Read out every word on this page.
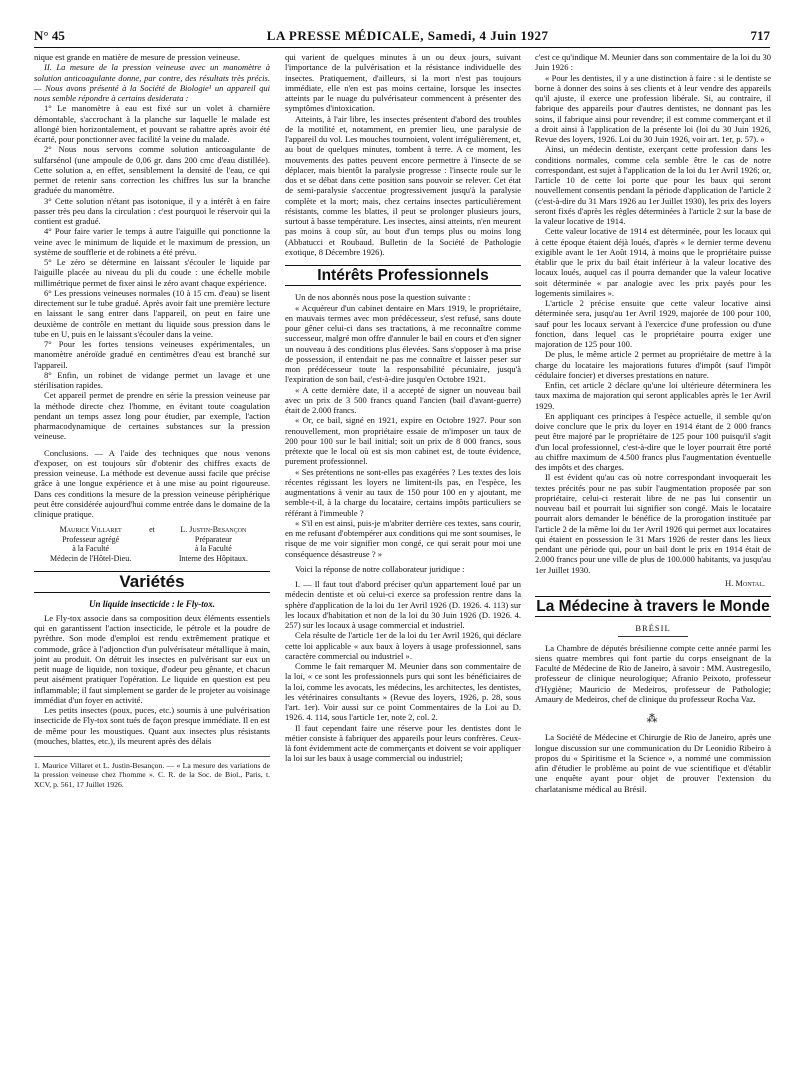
N° 45	LA PRESSE MÉDICALE, Samedi, 4 Juin 1927	717

nique est grande en matière de mesure de pression veineuse.

II. La mesure de la pression veineuse avec un manomètre à solution anticoagulante donne, par contre, des résultats très précis. — Nous avons présenté à la Société de Biologie¹ un appareil qui nous semble répondre à certains desiderata :

1° Le manomètre à eau est fixé sur un volet à charnière démontable, s'accrochant à la planche sur laquelle le malade est allongé bien horizontalement, et pouvant se rabattre après avoir été écarté, pour ponctionner avec facilité la veine du malade.

2° Nous nous servons comme solution anticoagulante de sulfarsénol (une ampoule de 0,06 gr. dans 200 cmc d'eau distillée). Cette solution a, en effet, sensiblement la densité de l'eau, ce qui permet de retenir sans correction les chiffres lus sur la branche graduée du manomètre.

3° Cette solution n'étant pas isotonique, il y a intérêt à en faire passer très peu dans la circulation : c'est pourquoi le réservoir qui la contient est gradué.

4° Pour faire varier le temps à autre l'aiguille qui ponctionne la veine avec le minimum de liquide et le maximum de pression, un système de soufflerie et de robinets a été prévu.

5° Le zéro se détermine en laissant s'écouler le liquide par l'aiguille placée au niveau du pli du coude : une échelle mobile millimétrique permet de fixer ainsi le zéro avant chaque expérience.

6° Les pressions veineuses normales (10 à 15 cm. d'eau) se lisent directement sur le tube gradué. Après avoir fait une première lecture en laissant le sang entrer dans l'appareil, on peut en faire une deuxième de contrôle en mettant du liquide sous pression dans le tube en U, puis en le laissant s'écouler dans la veine.

7° Pour les fortes tensions veineuses expérimentales, un manomètre anéroïde gradué en centimètres d'eau est branché sur l'appareil.

8° Enfin, un robinet de vidange permet un lavage et une stérilisation rapides.

Cet appareil permet de prendre en série la pression veineuse par la méthode directe chez l'homme, en évitant toute coagulation pendant un temps assez long pour étudier, par exemple, l'action pharmacodynamique de certaines substances sur la pression veineuse.

Conclusions. — A l'aide des techniques que nous venons d'exposer, on est toujours sûr d'obtenir des chiffres exacts de pression veineuse. La méthode est devenue aussi facile que précise grâce à une longue expérience et à une mise au point rigoureuse. Dans ces conditions la mesure de la pression veineuse périphérique peut être considérée aujourd'hui comme entrée dans le domaine de la clinique pratique.

Maurice Villaret
Professeur agrégé
à la Faculté
Médecin de l'Hôtel-Dieu.
et	L. Justin-Besançon
Préparateur
à la Faculté
Interne des Hôpitaux.
Variétés
Un liquide insecticide : le Fly-tox.

Le Fly-tox associe dans sa composition deux éléments essentiels qui en garantissent l'action insecticide, le pétrole et la poudre de pyrèthre. Son mode d'emploi est rendu extrêmement pratique et commode, grâce à l'adjonction d'un pulvérisateur métallique à main, joint au produit. On détruit les insectes en pulvérisant sur eux un petit nuage de liquide, non toxique, d'odeur peu gênante, et chacun peut aisément pratiquer l'opération. Le liquide en question est peu inflammable; il faut simplement se garder de le projeter au voisinage immédiat d'un foyer en activité.

Les petits insectes (poux, puces, etc.) soumis à une pulvérisation insecticide de Fly-tox sont tués de façon presque immédiate. Il en est de même pour les moustiques. Quant aux insectes plus résistants (mouches, blattes, etc.), ils meurent après des délais

1. Maurice Villaret et L. Justin-Besançon. — « La mesure des variations de la pression veineuse chez l'homme ». C. R. de la Soc. de Biol., Paris, t. XCV, p. 561, 17 Juillet 1926.

qui varient de quelques minutes à un ou deux jours, suivant l'importance de la pulvérisation et la résistance individuelle des insectes. Pratiquement, d'ailleurs, si la mort n'est pas toujours immédiate, elle n'en est pas moins certaine, lorsque les insectes atteints par le nuage du pulvérisateur commencent à présenter des symptômes d'intoxication.

Atteints, à l'air libre, les insectes présentent d'abord des troubles de la motilité et, notamment, en premier lieu, une paralysie de l'appareil du vol. Les mouches tournoient, volent irrégulièrement, et, au bout de quelques minutes, tombent à terre. A ce moment, les mouvements des pattes peuvent encore permettre à l'insecte de se déplacer, mais bientôt la paralysie progresse : l'insecte roule sur le dos et se débat dans cette position sans pouvoir se relever. Cet état de semi-paralysie s'accentue progressivement jusqu'à la paralysie complète et la mort; mais, chez certains insectes particulièrement résistants, comme les blattes, il peut se prolonger plusieurs jours, surtout à basse température. Les insectes, ainsi atteints, n'en meurent pas moins à coup sûr, au bout d'un temps plus ou moins long (Abbatucci et Roubaud. Bulletin de la Société de Pathologie exotique, 8 Décembre 1926).

Intérêts Professionnels

Un de nos abonnés nous pose la question suivante :

« Acquéreur d'un cabinet dentaire en Mars 1919, le propriétaire, en mauvais termes avec mon prédécesseur, s'est refusé, sans doute pour gêner celui-ci dans ses tractations, à me reconnaître comme successeur, malgré mon offre d'annuler le bail en cours et d'en signer un nouveau à des conditions plus élevées. Sans s'opposer à ma prise de possession, il entendait ne pas me connaître et laisser peser sur mon prédécesseur toute la responsabilité pécuniaire, jusqu'à l'expiration de son bail, c'est-à-dire jusqu'en Octobre 1921.

« A cette dernière date, il a accepté de signer un nouveau bail avec un prix de 3 500 francs quand l'ancien (bail d'avant-guerre) était de 2.000 francs.

« Or, ce bail, signé en 1921, expire en Octobre 1927. Pour son renouvellement, mon propriétaire essaie de m'imposer un taux de 200 pour 100 sur le bail initial; soit un prix de 8 000 francs, sous prétexte que le local où est sis mon cabinet est, de toute évidence, purement professionnel.

« Ses prétentions ne sont-elles pas exagérées ? Les textes des lois récentes régissant les loyers ne limitent-ils pas, en l'espèce, les augmentations à venir au taux de 150 pour 100 en y ajoutant, me semble-t-il, à la charge du locataire, certains impôts particuliers se référant à l'immeuble ?

« S'il en est ainsi, puis-je m'abriter derrière ces textes, sans courir, en me refusant d'obtempérer aux conditions qui me sont soumises, le risque de me voir signifier mon congé, ce qui serait pour moi une conséquence désastreuse ? »

Voici la réponse de notre collaborateur juridique :

I. — Il faut tout d'abord préciser qu'un appartement loué par un médecin dentiste et où celui-ci exerce sa profession rentre dans la sphère d'application de la loi du 1er Avril 1926 (D. 1926. 4. 113) sur les locaux d'habitation et non de la loi du 30 Juin 1926 (D. 1926. 4. 257) sur les locaux à usage commercial et industriel.

Cela résulte de l'article 1er de la loi du 1er Avril 1926, qui déclare cette loi applicable « aux baux à loyers à usage professionnel, sans caractère commercial ou industriel ».

Comme le fait remarquer M. Meunier dans son commentaire de la loi, « ce sont les professionnels purs qui sont les bénéficiaires de la loi, comme les avocats, les médecins, les architectes, les dentistes, les vétérinaires consultants » (Revue des loyers, 1926, p. 28, sous l'art. 1er). Voir aussi sur ce point Commentaires de la Loi au D. 1926. 4. 114, sous l'article 1er, note 2, col. 2.

Il faut cependant faire une réserve pour les dentistes dont le métier consiste à fabriquer des appareils pour leurs confrères. Ceux-là font évidemment acte de commerçants et doivent se voir appliquer la loi sur les baux à usage commercial ou industriel;

c'est ce qu'indique M. Meunier dans son commentaire de la loi du 30 Juin 1926 :

« Pour les dentistes, il y a une distinction à faire : si le dentiste se borne à donner des soins à ses clients et à leur vendre des appareils qu'il ajuste, il exerce une profession libérale. Si, au contraire, il fabrique des appareils pour d'autres dentistes, ne donnant pas les soins, il fabrique ainsi pour revendre; il est comme commerçant et il a droit ainsi à l'application de la présente loi (loi du 30 Juin 1926, Revue des loyers, 1926. Loi du 30 Juin 1926, voir art. 1er, p. 57). »

Ainsi, un médecin dentiste, exerçant cette profession dans les conditions normales, comme cela semble être le cas de notre correspondant, est sujet à l'application de la loi du 1er Avril 1926; or, l'article 10 de cette loi porte que pour les baux qui seront nouvellement consentis pendant la période d'application de l'article 2 (c'est-à-dire du 31 Mars 1926 au 1er Juillet 1930), les prix des loyers seront fixés d'après les règles déterminées à l'article 2 sur la base de la valeur locative de 1914.

Cette valeur locative de 1914 est déterminée, pour les locaux qui à cette époque étaient déjà loués, d'après « le dernier terme devenu exigible avant le 1er Août 1914, à moins que le propriétaire puisse établir que le prix du bail était inférieur à la valeur locative des locaux loués, auquel cas il pourra demander que la valeur locative soit déterminée « par analogie avec les prix payés pour les logements similaires ».

L'article 2 précise ensuite que cette valeur locative ainsi déterminée sera, jusqu'au 1er Avril 1929, majorée de 100 pour 100, sauf pour les locaux servant à l'exercice d'une profession ou d'une fonction, dans lequel cas le propriétaire pourra exiger une majoration de 125 pour 100.

De plus, le même article 2 permet au propriétaire de mettre à la charge du locataire les majorations futures d'impôt (sauf l'impôt cédulaire foncier) et diverses prestations en nature.

Enfin, cet article 2 déclare qu'une loi ultérieure déterminera les taux maxima de majoration qui seront applicables après le 1er Avril 1929.

En appliquant ces principes à l'espèce actuelle, il semble qu'on doive conclure que le prix du loyer en 1914 étant de 2 000 francs peut être majoré par le propriétaire de 125 pour 100 puisqu'il s'agit d'un local professionnel, c'est-à-dire que le loyer pourrait être porté au chiffre maximum de 4.500 francs plus l'augmentation éventuelle des impôts et des charges.

Il est évident qu'au cas où notre correspondant invoquerait les textes précités pour ne pas subir l'augmentation proposée par son propriétaire, celui-ci resterait libre de ne pas lui consentir un nouveau bail et pourrait lui signifier son congé. Mais le locataire pourrait alors demander le bénéfice de la prorogation instituée par l'article 2 de la même loi du 1er Avril 1926 qui permet aux locataires qui étaient en possession le 31 Mars 1926 de rester dans les lieux pendant une période qui, pour un bail dont le prix en 1914 était de 2.000 francs pour une ville de plus de 100.000 habitants, va jusqu'au 1er Juillet 1930.

H. Montal.
La Médecine à travers le Monde
BRÉSIL

La Chambre de députés brésilienne compte cette année parmi les siens quatre membres qui font partie du corps enseignant de la Faculté de Médecine de Rio de Janeiro, à savoir : MM. Austregesilo, professeur de clinique neurologique; Afranio Peixoto, professeur d'Hygiène; Mauricio de Medeiros, professeur de Pathologie; Amaury de Medeiros, chef de clinique du professeur Rocha Vaz.

⁂

La Société de Médecine et Chirurgie de Rio de Janeiro, après une longue discussion sur une communication du Dr Leonidio Ribeiro à propos du « Spiritisme et la Science », a nommé une commission afin d'étudier le problème au point de vue scientifique et d'établir une enquête ayant pour objet de prouver l'extension du charlatanisme médical au Brésil.
